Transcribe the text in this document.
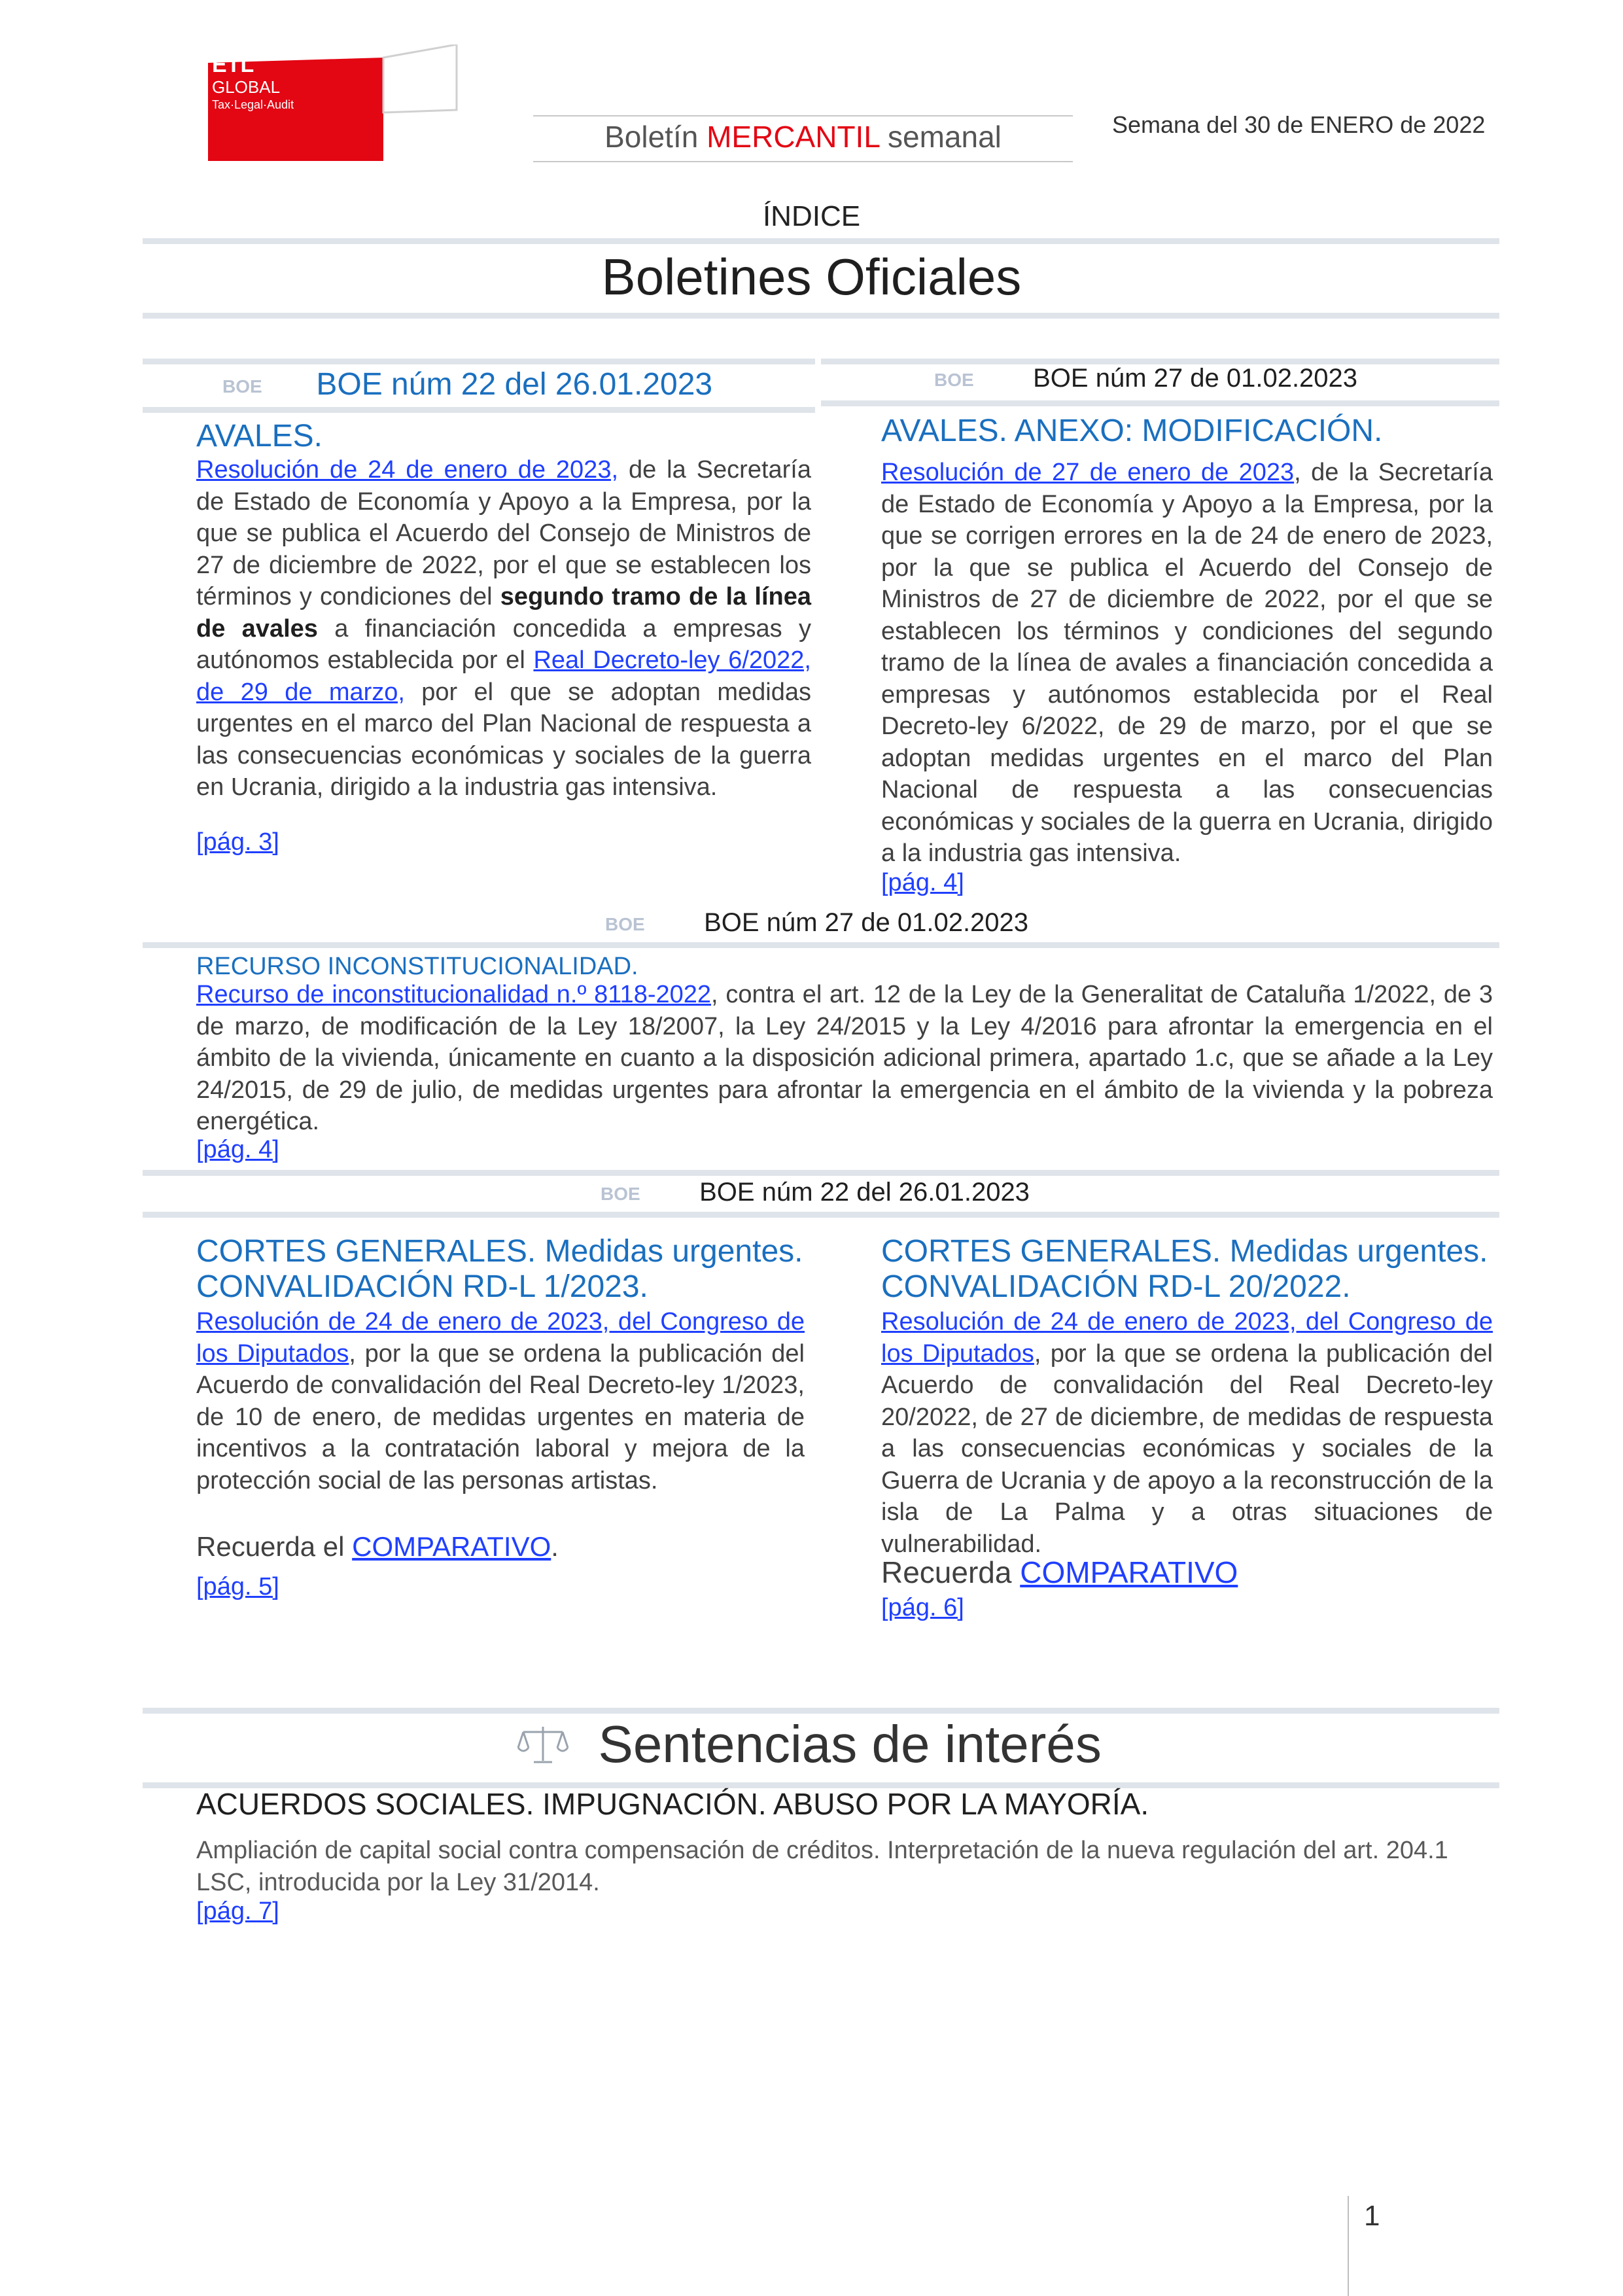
ETL
GLOBAL
Tax·Legal·Audit
Boletín MERCANTIL semanal	Semana del 30 de ENERO de 2022
ÍNDICE
Boletines Oficiales
BOE BOE núm 22 del 26.01.2023
AVALES.
Resolución de 24 de enero de 2023, de la Secretaría de Estado de Economía y Apoyo a la Empresa, por la que se publica el Acuerdo del Consejo de Ministros de 27 de diciembre de 2022, por el que se establecen los términos y condiciones del segundo tramo de la línea de avales a financiación concedida a empresas y autónomos establecida por el Real Decreto-ley 6/2022, de 29 de marzo, por el que se adoptan medidas urgentes en el marco del Plan Nacional de respuesta a las consecuencias económicas y sociales de la guerra en Ucrania, dirigido a la industria gas intensiva.
[pág. 3]
BOE BOE núm 27 de 01.02.2023
AVALES. ANEXO: MODIFICACIÓN.
Resolución de 27 de enero de 2023, de la Secretaría de Estado de Economía y Apoyo a la Empresa, por la que se corrigen errores en la de 24 de enero de 2023, por la que se publica el Acuerdo del Consejo de Ministros de 27 de diciembre de 2022, por el que se establecen los términos y condiciones del segundo tramo de la línea de avales a financiación concedida a empresas y autónomos establecida por el Real Decreto-ley 6/2022, de 29 de marzo, por el que se adoptan medidas urgentes en el marco del Plan Nacional de respuesta a las consecuencias económicas y sociales de la guerra en Ucrania, dirigido a la industria gas intensiva.
[pág. 4]
BOE BOE núm 27 de 01.02.2023
RECURSO INCONSTITUCIONALIDAD.
Recurso de inconstitucionalidad n.º 8118-2022, contra el art. 12 de la Ley de la Generalitat de Cataluña 1/2022, de 3 de marzo, de modificación de la Ley 18/2007, la Ley 24/2015 y la Ley 4/2016 para afrontar la emergencia en el ámbito de la vivienda, únicamente en cuanto a la disposición adicional primera, apartado 1.c, que se añade a la Ley 24/2015, de 29 de julio, de medidas urgentes para afrontar la emergencia en el ámbito de la vivienda y la pobreza energética.
[pág. 4]
BOE BOE núm 22 del 26.01.2023
CORTES GENERALES. Medidas urgentes.
CONVALIDACIÓN RD-L 1/2023.
Resolución de 24 de enero de 2023, del Congreso de los Diputados, por la que se ordena la publicación del Acuerdo de convalidación del Real Decreto-ley 1/2023, de 10 de enero, de medidas urgentes en materia de incentivos a la contratación laboral y mejora de la protección social de las personas artistas.
Recuerda el COMPARATIVO.
[pág. 5]
CORTES GENERALES. Medidas urgentes.
CONVALIDACIÓN RD-L 20/2022.
Resolución de 24 de enero de 2023, del Congreso de los Diputados, por la que se ordena la publicación del Acuerdo de convalidación del Real Decreto-ley 20/2022, de 27 de diciembre, de medidas de respuesta a las consecuencias económicas y sociales de la Guerra de Ucrania y de apoyo a la reconstrucción de la isla de La Palma y a otras situaciones de vulnerabilidad.
Recuerda COMPARATIVO
[pág. 6]
Sentencias de interés
ACUERDOS SOCIALES. IMPUGNACIÓN. ABUSO POR LA MAYORÍA.
Ampliación de capital social contra compensación de créditos. Interpretación de la nueva regulación del art. 204.1 LSC, introducida por la Ley 31/2014.
[pág. 7]
1
